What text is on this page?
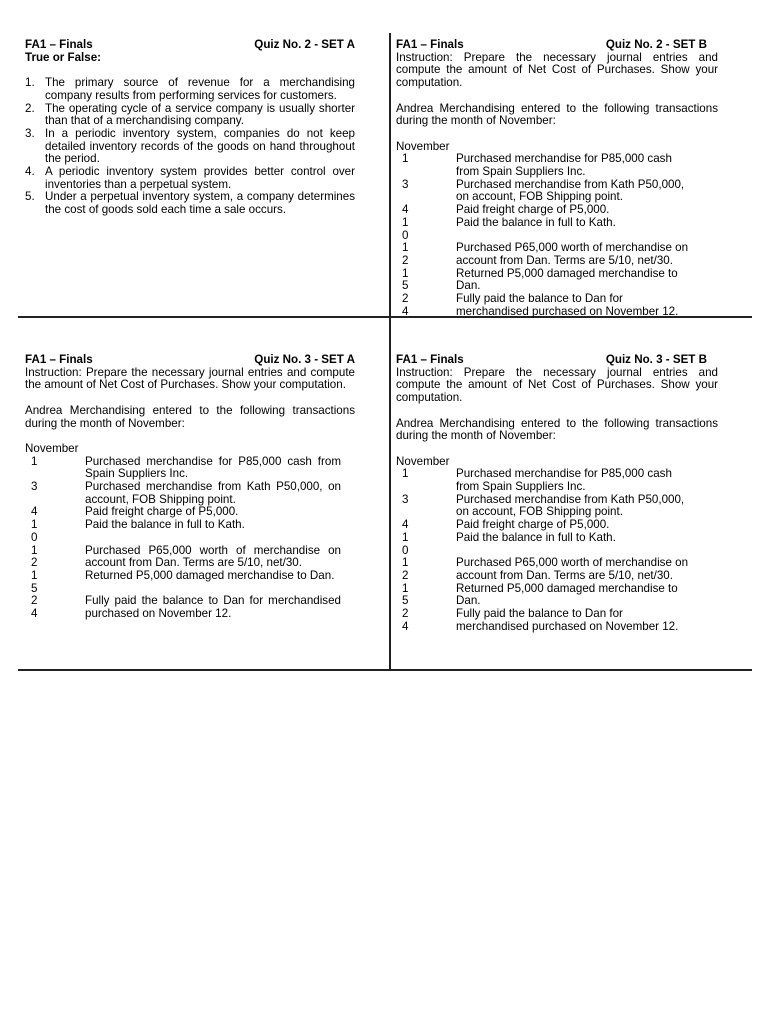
FA1 – Finals	Quiz No. 2 - SET A
True or False:
1. The primary source of revenue for a merchandising company results from performing services for customers.
2. The operating cycle of a service company is usually shorter than that of a merchandising company.
3. In a periodic inventory system, companies do not keep detailed inventory records of the goods on hand throughout the period.
4. A periodic inventory system provides better control over inventories than a perpetual system.
5. Under a perpetual inventory system, a company determines the cost of goods sold each time a sale occurs.
FA1 – Finals	Quiz No. 2 - SET B
Instruction: Prepare the necessary journal entries and compute the amount of Net Cost of Purchases. Show your computation.
Andrea Merchandising entered to the following transactions during the month of November:
November
1	Purchased merchandise for P85,000 cash
from Spain Suppliers Inc.
3	Purchased merchandise from Kath P50,000,
on account, FOB Shipping point.
4	Paid freight charge of P5,000.
10
Paid the balance in full to Kath.
12
Purchased P65,000 worth of merchandise on
account from Dan. Terms are 5/10, net/30.
15
Returned P5,000 damaged merchandise to
Dan.
24
Fully paid the balance to Dan for
merchandised purchased on November 12.
FA1 – Finals	Quiz No. 3 - SET A
Instruction: Prepare the necessary journal entries and compute the amount of Net Cost of Purchases. Show your computation.
Andrea Merchandising entered to the following transactions during the month of November:
November
1	Purchased merchandise for P85,000 cash from Spain Suppliers Inc.
3	Purchased merchandise from Kath P50,000, on account, FOB Shipping point.
4	Paid freight charge of P5,000.
10
Paid the balance in full to Kath.
12
Purchased P65,000 worth of merchandise on account from Dan. Terms are 5/10, net/30.
15
Returned P5,000 damaged merchandise to Dan.
24
Fully paid the balance to Dan for merchandised purchased on November 12.
FA1 – Finals	Quiz No. 3 - SET B
Instruction: Prepare the necessary journal entries and compute the amount of Net Cost of Purchases. Show your computation.
Andrea Merchandising entered to the following transactions during the month of November:
November
1	Purchased merchandise for P85,000 cash
from Spain Suppliers Inc.
3	Purchased merchandise from Kath P50,000,
on account, FOB Shipping point.
4	Paid freight charge of P5,000.
10
Paid the balance in full to Kath.
12
Purchased P65,000 worth of merchandise on
account from Dan. Terms are 5/10, net/30.
15
Returned P5,000 damaged merchandise to
Dan.
24
Fully paid the balance to Dan for
merchandised purchased on November 12.
